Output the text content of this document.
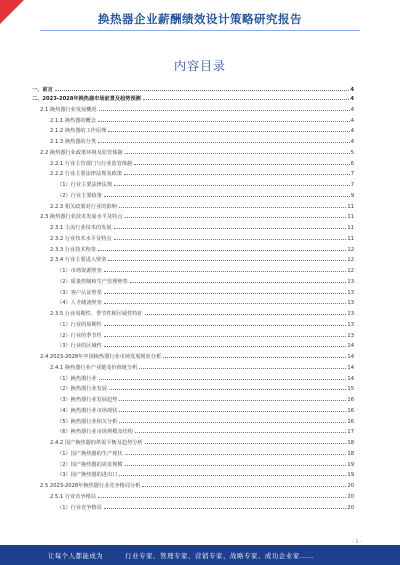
换热器企业薪酬绩效设计策略研究报告
内容目录
一、前言	4
二、2023-2028年换热器市场前景及趋势预测	4
2.1 换热器行业发展概况	4
2.1.1 换热器的概念	4
2.1.2 换热器的工作原理	4
2.1.3 换热器的分类	4
2.2 换热器行业政策环境及监管体制	5
2.2.1 行业主管部门与行业监管体制	6
2.2.2 行业主要法律法规及政策	7
（1）行业主要法律法规	7
（2）行业主要政策	9
2.2.3 相关政策对行业的影响	11
2.3 换热器行业技术发展水平及特点	11
2.3.1 主流行业技术的发展	11
2.3.2 行业技术水平及特点	11
2.3.3 行业技术壁垒	12
2.3.4 行业主要进入壁垒	12
（1）市场资源壁垒	12
（2）质量控制和生产管理壁垒	13
（3）客户认证壁垒	13
（4）人才储备壁垒	13
2.3.5 行业周期性、季节性和区域性特征	13
（1）行业的周期性	13
（2）行业的季节性	13
（3）行业的区域性	14
2.4 2023-2028年中国换热器行业市场发展现状分析	14
2.4.1 换热器行业产业链及价值链分析	14
（1）换热器行业	14
（2）换热器行业发展	15
（3）换热器行业发展趋势	16
（4）换热器行业市场现状	16
（5）换热器行业相关分析	16
（6）换热器行业市场规模及结构	17
2.4.2 国产换热器的供需平衡及趋势分析	18
（1）国产换热器的生产现状	18
（2）国产换热器的需求规模	19
（3）国产换热器的进出口	19
2.5 2023-2028年换热器行业竞争格局分析	20
2.5.1 行业竞争格局	20
（1）行业竞争格局	20
- 1 -
让每个人都能成为	行业专家、管理专家、营销专家、战略专家、成功企业家……
